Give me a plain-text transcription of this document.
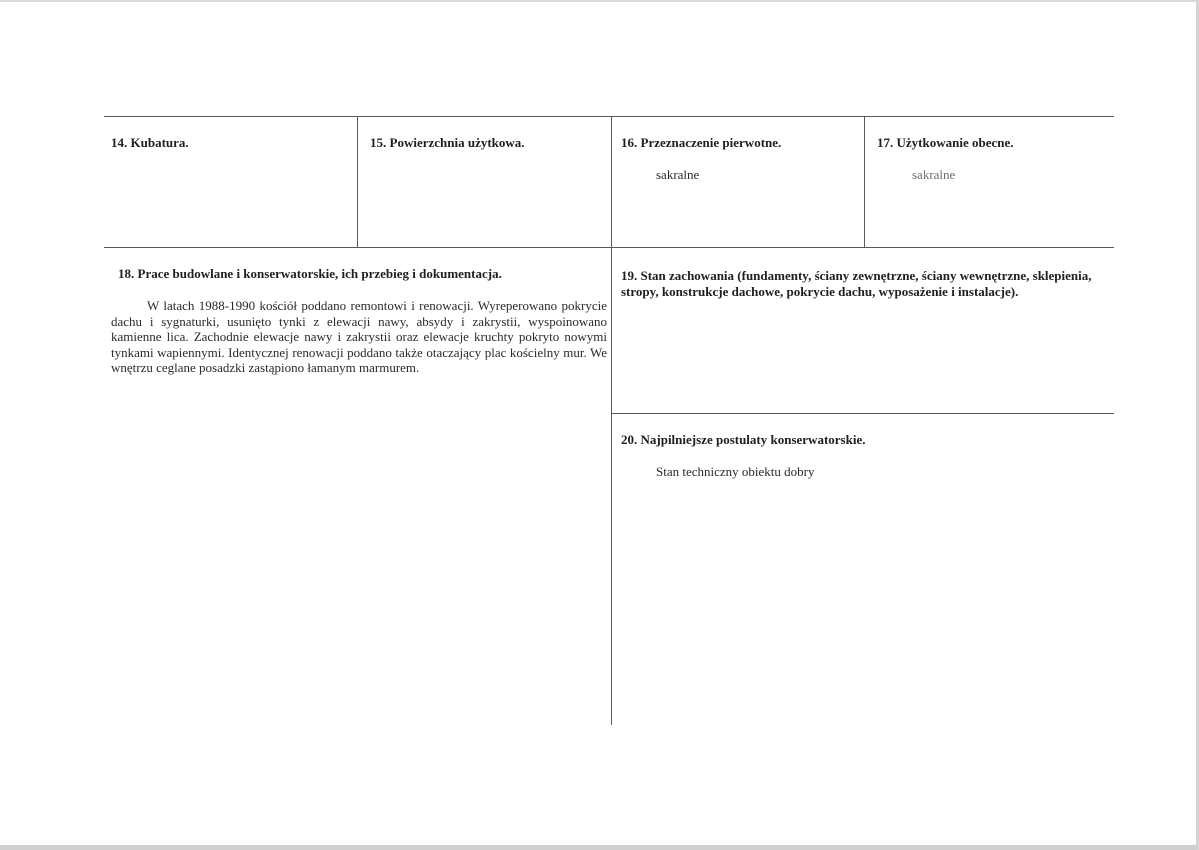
14. Kubatura.	15. Powierzchnia użytkowa.	16. Przeznaczenie pierwotne.
sakralne
17. Użytkowanie obecne.
sakralne
18. Prace budowlane i konserwatorskie, ich przebieg i dokumentacja.
W latach 1988-1990 kościół poddano remontowi i renowacji. Wyreperowano pokrycie dachu i sygnaturki, usunięto tynki z elewacji nawy, absydy i zakrystii, wyspoinowano kamienne lica. Zachodnie elewacje nawy i zakrystii oraz elewacje kruchty pokryto nowymi tynkami wapiennymi. Identycznej renowacji poddano także otaczający plac kościelny mur. We wnętrzu ceglane posadzki zastąpiono łamanym marmurem.
19. Stan zachowania (fundamenty, ściany zewnętrzne, ściany wewnętrzne, sklepienia, stropy, konstrukcje dachowe, pokrycie dachu, wyposażenie i instalacje).
20. Najpilniejsze postulaty konserwatorskie.
Stan techniczny obiektu dobry
